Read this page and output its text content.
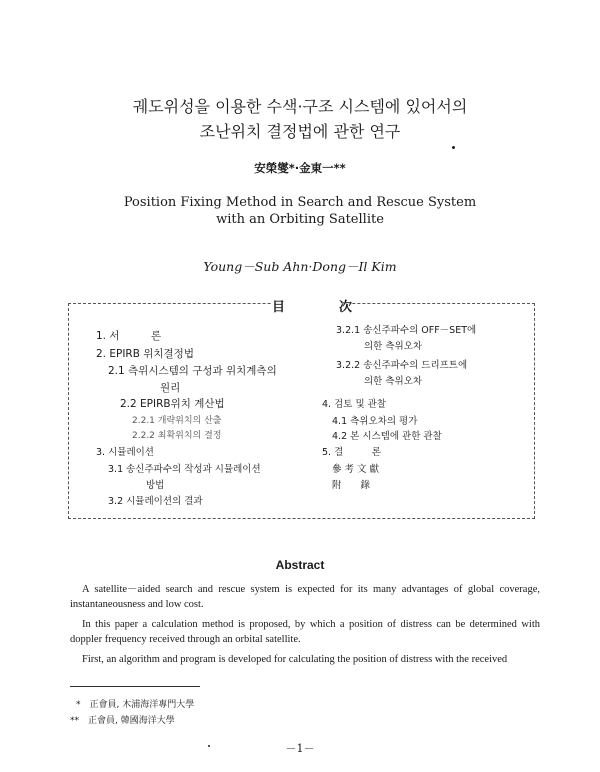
궤도위성을 이용한 수색·구조 시스템에 있어서의
조난위치 결정법에 관한 연구
安榮燮*·金東一**
Position Fixing Method in Search and Rescue System
with an Orbiting Satellite
Young－Sub Ahn·Dong－Il Kim
目	次
1. 서　　　론
2. EPIRB 위치결정법
2.1 측위시스템의 구성과 위치계측의
원리
2.2 EPIRB위치 계산법
2.2.1 개략위치의 산출
2.2.2 최확위치의 결정
3. 시뮬레이션
3.1 송신주파수의 작성과 시뮬레이션
방법
3.2 시뮬레이션의 결과
3.2.1 송신주파수의 OFF－SET에
의한 측위오차
3.2.2 송신주파수의 드리프트에
의한 측위오차
4. 검토 및 관찰
4.1 측위오차의 평가
4.2 본 시스템에 관한 관찰
5. 결　　　론
參 考 文 獻
附　　錄
Abstract

A satellite－aided search and rescue system is expected for its many advantages of global coverage, instantaneousness and low cost.

In this paper a calculation method is proposed, by which a position of distress can be determined with doppler frequency received through an orbital satellite.

First, an algorithm and program is developed for calculating the position of distress with the received

*　正會員, 木浦海洋專門大學
**　正會員, 韓國海洋大學
－1－
